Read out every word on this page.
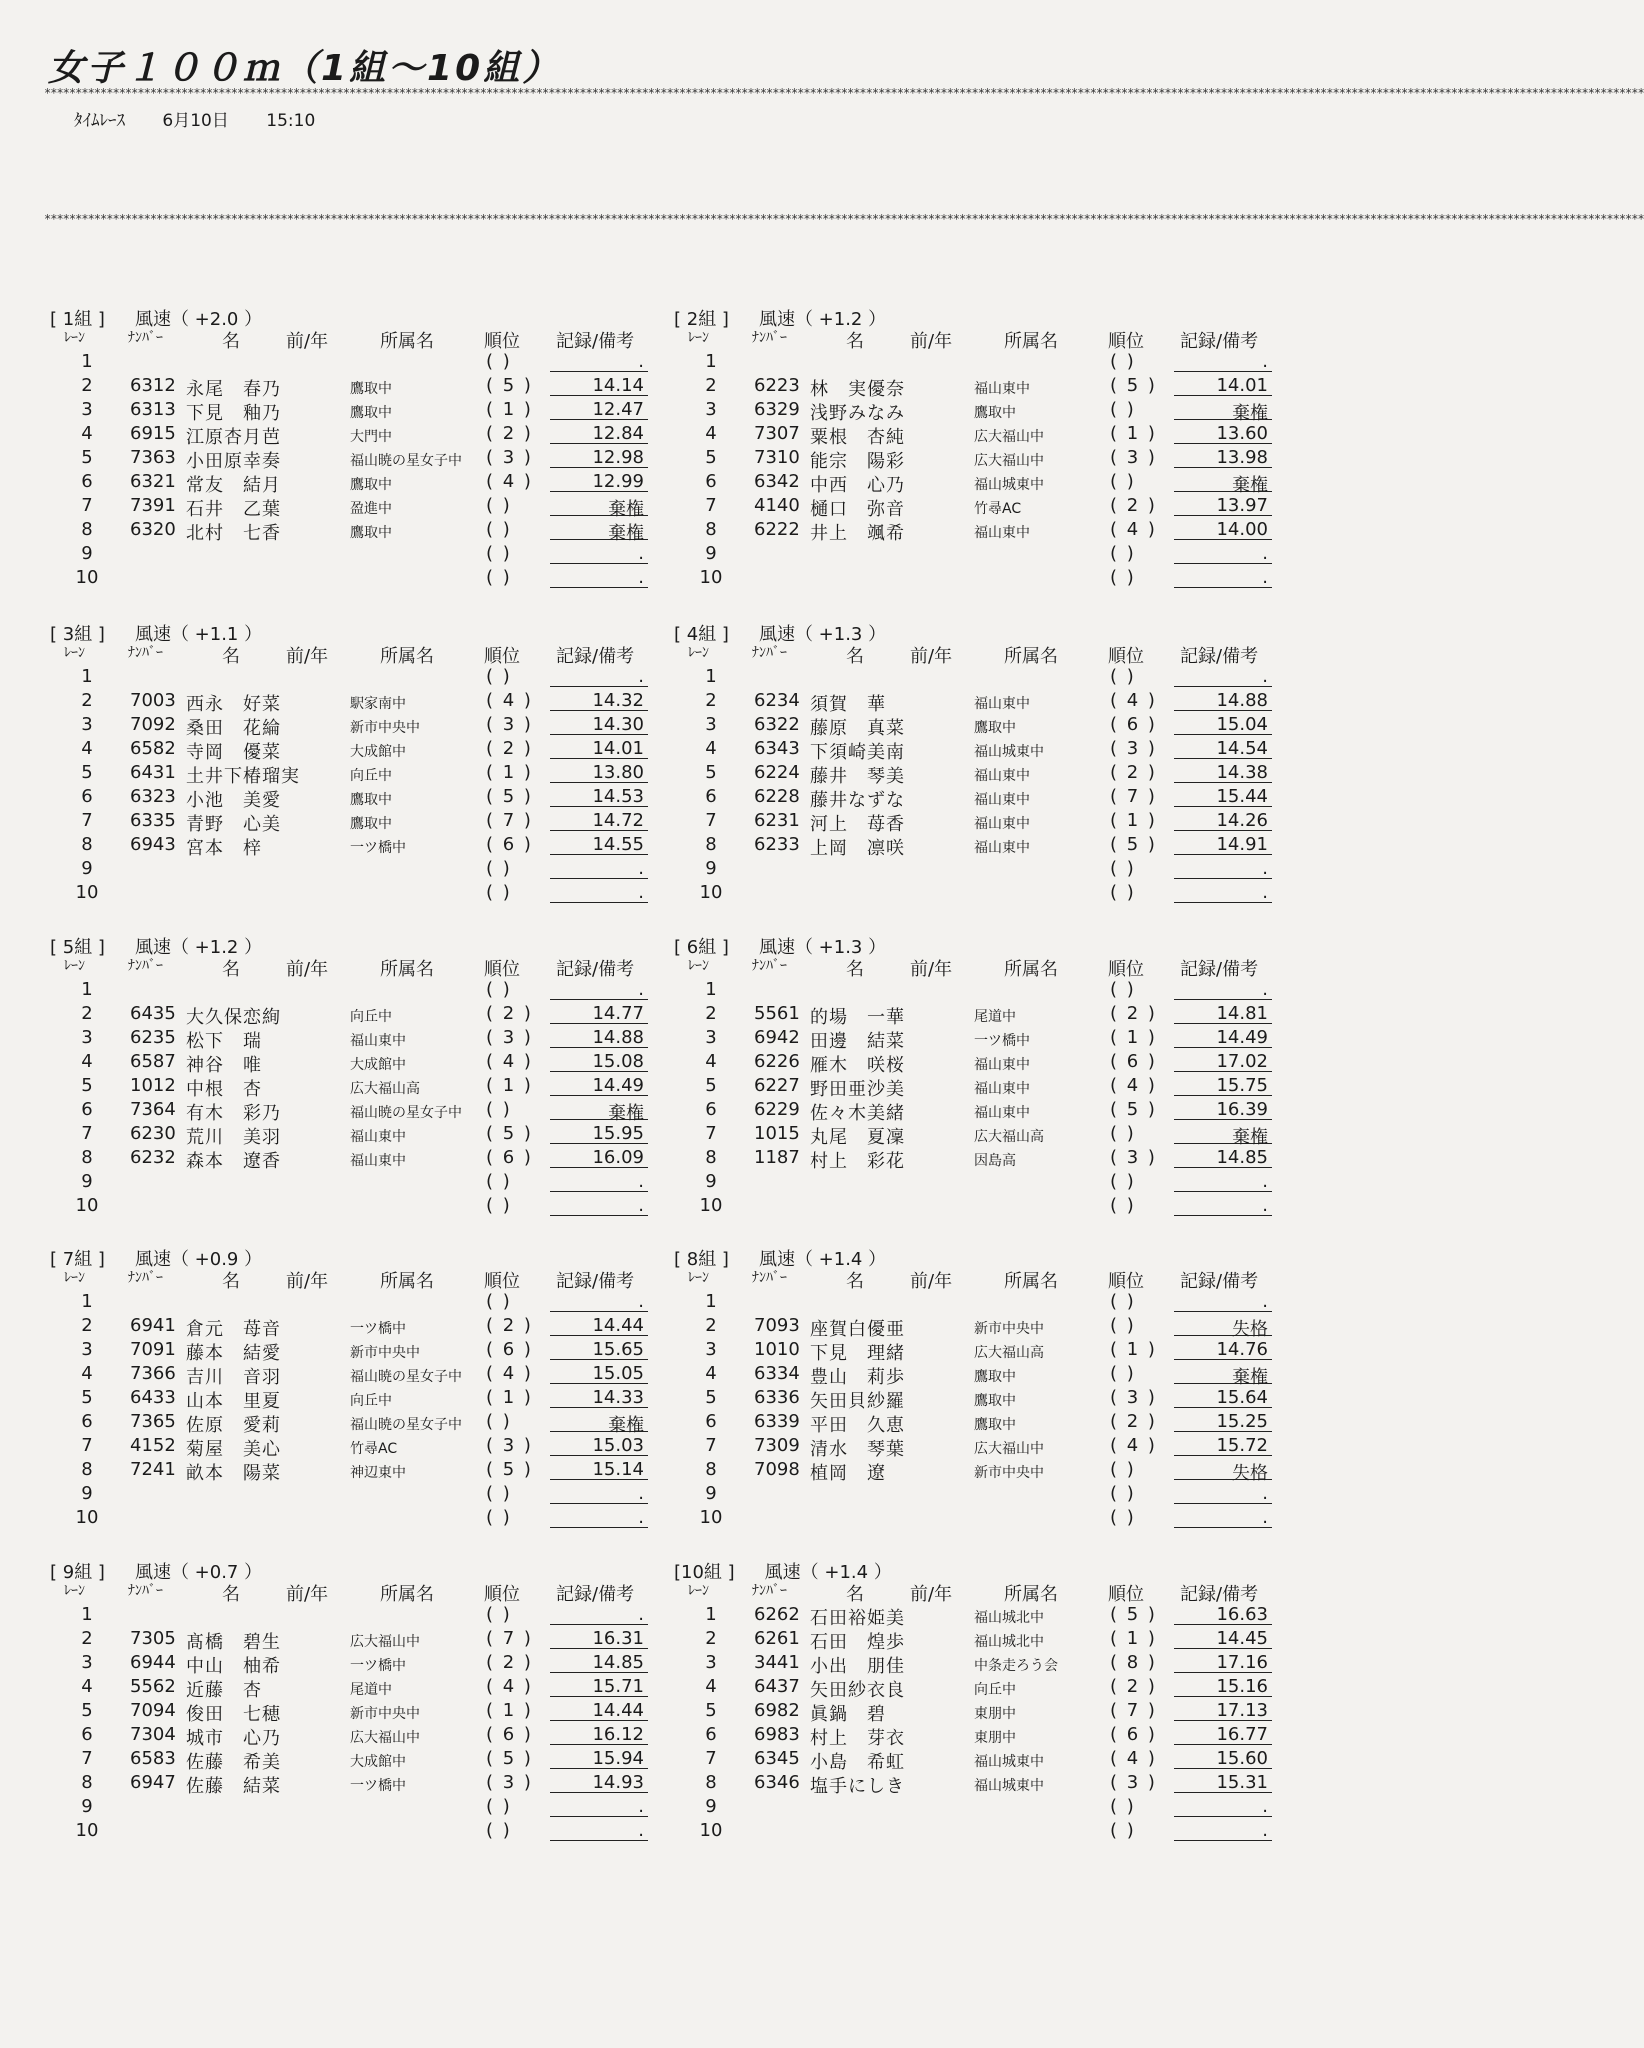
女子１００ｍ（1組～10組）
*****************************************************************************************************************************************************************************************************************************************************************
ﾀｲﾑﾚｰｽ 6月10日 15:10
*****************************************************************************************************************************************************************************************************************************************************************
[ 1組 ] 風速（ +2.0 ）
ﾚｰﾝ	ﾅﾝﾊﾞｰ	名	前/年	所属名	順位 記録/備考
1	( )	.
2	6312 永尾　春乃	鷹取中	( 5 )	14.14
3	6313 下見　釉乃	鷹取中	( 1 )	12.47
4	6915 江原杏月芭	大門中	( 2 )	12.84
5	7363 小田原幸奏	福山暁の星女子中	( 3 )	12.98
6	6321 常友　結月	鷹取中	( 4 )	12.99
7	7391 石井　乙葉	盈進中	( )	棄権
8	6320 北村　七香	鷹取中	( )	棄権
9	( )	.
10	( )	.
[ 2組 ] 風速（ +1.2 ）
ﾚｰﾝ	ﾅﾝﾊﾞｰ	名	前/年	所属名	順位 記録/備考
1	( )	.
2	6223 林　実優奈	福山東中	( 5 )	14.01
3	6329 浅野みなみ	鷹取中	( )	棄権
4	7307 粟根　杏純	広大福山中	( 1 )	13.60
5	7310 能宗　陽彩	広大福山中	( 3 )	13.98
6	6342 中西　心乃	福山城東中	( )	棄権
7	4140 樋口　弥音	竹尋AC	( 2 )	13.97
8	6222 井上　颯希	福山東中	( 4 )	14.00
9	( )	.
10	( )	.
[ 3組 ] 風速（ +1.1 ）
ﾚｰﾝ	ﾅﾝﾊﾞｰ	名	前/年	所属名	順位 記録/備考
1	( )	.
2	7003 西永　好菜	駅家南中	( 4 )	14.32
3	7092 桑田　花綸	新市中央中	( 3 )	14.30
4	6582 寺岡　優菜	大成館中	( 2 )	14.01
5	6431 土井下椿瑠実	向丘中	( 1 )	13.80
6	6323 小池　美愛	鷹取中	( 5 )	14.53
7	6335 青野　心美	鷹取中	( 7 )	14.72
8	6943 宮本　梓	一ツ橋中	( 6 )	14.55
9	( )	.
10	( )	.
[ 4組 ] 風速（ +1.3 ）
ﾚｰﾝ	ﾅﾝﾊﾞｰ	名	前/年	所属名	順位 記録/備考
1	( )	.
2	6234 須賀　華	福山東中	( 4 )	14.88
3	6322 藤原　真菜	鷹取中	( 6 )	15.04
4	6343 下須崎美南	福山城東中	( 3 )	14.54
5	6224 藤井　琴美	福山東中	( 2 )	14.38
6	6228 藤井なずな	福山東中	( 7 )	15.44
7	6231 河上　苺香	福山東中	( 1 )	14.26
8	6233 上岡　凛咲	福山東中	( 5 )	14.91
9	( )	.
10	( )	.
[ 5組 ] 風速（ +1.2 ）
ﾚｰﾝ	ﾅﾝﾊﾞｰ	名	前/年	所属名	順位 記録/備考
1	( )	.
2	6435 大久保恋絢	向丘中	( 2 )	14.77
3	6235 松下　瑞	福山東中	( 3 )	14.88
4	6587 神谷　唯	大成館中	( 4 )	15.08
5	1012 中根　杏	広大福山高	( 1 )	14.49
6	7364 有木　彩乃	福山暁の星女子中	( )	棄権
7	6230 荒川　美羽	福山東中	( 5 )	15.95
8	6232 森本　遼香	福山東中	( 6 )	16.09
9	( )	.
10	( )	.
[ 6組 ] 風速（ +1.3 ）
ﾚｰﾝ	ﾅﾝﾊﾞｰ	名	前/年	所属名	順位 記録/備考
1	( )	.
2	5561 的場　一華	尾道中	( 2 )	14.81
3	6942 田邊　結菜	一ツ橋中	( 1 )	14.49
4	6226 雁木　咲桜	福山東中	( 6 )	17.02
5	6227 野田亜沙美	福山東中	( 4 )	15.75
6	6229 佐々木美緒	福山東中	( 5 )	16.39
7	1015 丸尾　夏凜	広大福山高	( )	棄権
8	1187 村上　彩花	因島高	( 3 )	14.85
9	( )	.
10	( )	.
[ 7組 ] 風速（ +0.9 ）
ﾚｰﾝ	ﾅﾝﾊﾞｰ	名	前/年	所属名	順位 記録/備考
1	( )	.
2	6941 倉元　苺音	一ツ橋中	( 2 )	14.44
3	7091 藤本　結愛	新市中央中	( 6 )	15.65
4	7366 吉川　音羽	福山暁の星女子中	( 4 )	15.05
5	6433 山本　里夏	向丘中	( 1 )	14.33
6	7365 佐原　愛莉	福山暁の星女子中	( )	棄権
7	4152 菊屋　美心	竹尋AC	( 3 )	15.03
8	7241 畝本　陽菜	神辺東中	( 5 )	15.14
9	( )	.
10	( )	.
[ 8組 ] 風速（ +1.4 ）
ﾚｰﾝ	ﾅﾝﾊﾞｰ	名	前/年	所属名	順位 記録/備考
1	( )	.
2	7093 座賀白優亜	新市中央中	( )	失格
3	1010 下見　理緒	広大福山高	( 1 )	14.76
4	6334 豊山　莉歩	鷹取中	( )	棄権
5	6336 矢田貝紗羅	鷹取中	( 3 )	15.64
6	6339 平田　久恵	鷹取中	( 2 )	15.25
7	7309 清水　琴葉	広大福山中	( 4 )	15.72
8	7098 植岡　遼	新市中央中	( )	失格
9	( )	.
10	( )	.
[ 9組 ] 風速（ +0.7 ）
ﾚｰﾝ	ﾅﾝﾊﾞｰ	名	前/年	所属名	順位 記録/備考
1	( )	.
2	7305 髙橋　碧生	広大福山中	( 7 )	16.31
3	6944 中山　柚希	一ツ橋中	( 2 )	14.85
4	5562 近藤　杏	尾道中	( 4 )	15.71
5	7094 俊田　七穂	新市中央中	( 1 )	14.44
6	7304 城市　心乃	広大福山中	( 6 )	16.12
7	6583 佐藤　希美	大成館中	( 5 )	15.94
8	6947 佐藤　結菜	一ツ橋中	( 3 )	14.93
9	( )	.
10	( )	.
[10組 ] 風速（ +1.4 ）
ﾚｰﾝ	ﾅﾝﾊﾞｰ	名	前/年	所属名	順位 記録/備考
1	6262 石田裕姫美	福山城北中	( 5 )	16.63
2	6261 石田　煌歩	福山城北中	( 1 )	14.45
3	3441 小出　朋佳	中条走ろう会	( 8 )	17.16
4	6437 矢田紗衣良	向丘中	( 2 )	15.16
5	6982 眞鍋　碧	東朋中	( 7 )	17.13
6	6983 村上　芽衣	東朋中	( 6 )	16.77
7	6345 小島　希虹	福山城東中	( 4 )	15.60
8	6346 塩手にしき	福山城東中	( 3 )	15.31
9	( )	.
10	( )	.
